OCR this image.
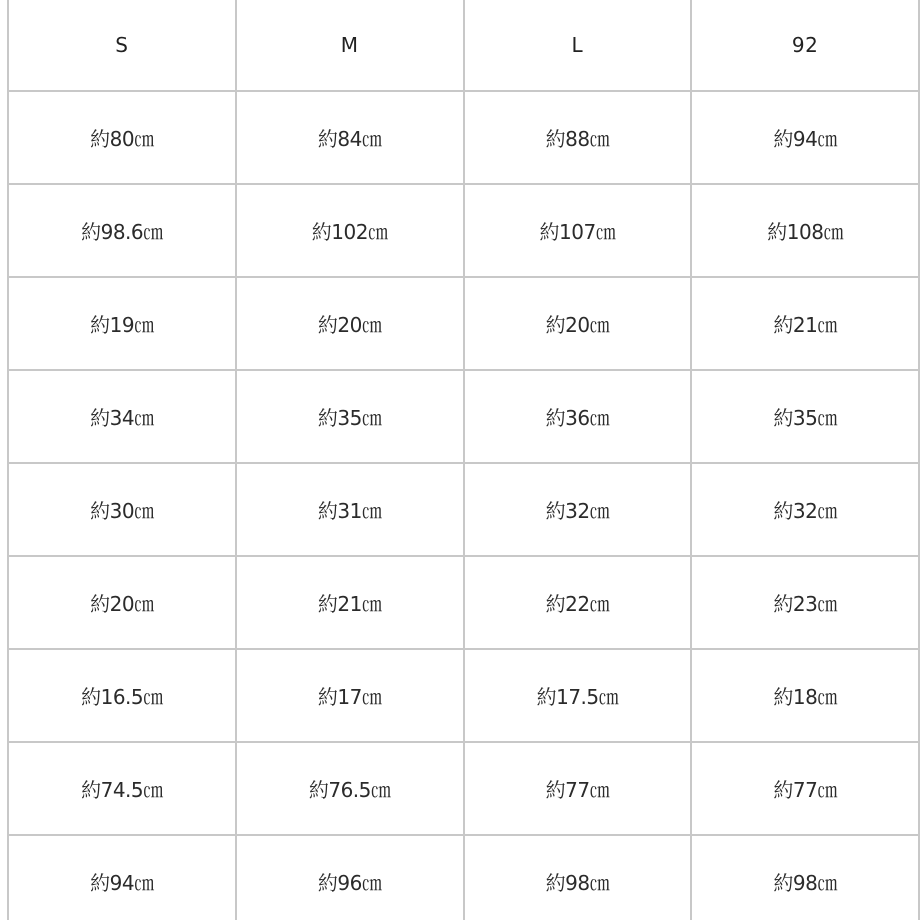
S	M	L	92
約80㎝	約84㎝	約88㎝	約94㎝
約98.6㎝	約102㎝	約107㎝	約108㎝
約19㎝	約20㎝	約20㎝	約21㎝
約34㎝	約35㎝	約36㎝	約35㎝
約30㎝	約31㎝	約32㎝	約32㎝
約20㎝	約21㎝	約22㎝	約23㎝
約16.5㎝	約17㎝	約17.5㎝	約18㎝
約74.5㎝	約76.5㎝	約77㎝	約77㎝
約94㎝	約96㎝	約98㎝	約98㎝
